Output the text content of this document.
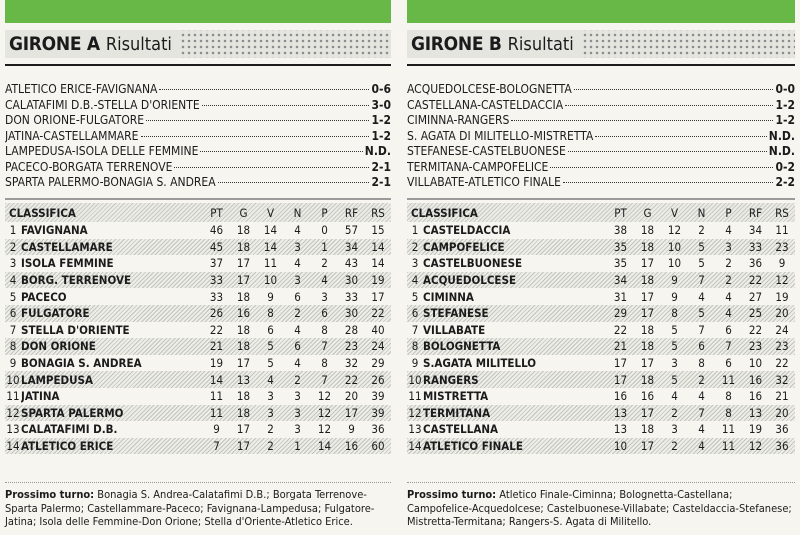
GIRONE A Risultati
ATLETICO ERICE-FAVIGNANA	0-6
CALATAFIMI D.B.-STELLA D'ORIENTE	3-0
DON ORIONE-FULGATORE	1-2
JATINA-CASTELLAMMARE	1-2
LAMPEDUSA-ISOLA DELLE FEMMINE	N.D.
PACECO-BORGATA TERRENOVE	2-1
SPARTA PALERMO-BONAGIA S. ANDREA	2-1
CLASSIFICA	PT	G	V	N	P	RF	RS
1 FAVIGNANA	46	18	14	4	0	57	15
2 CASTELLAMARE	45	18	14	3	1	34	14
3 ISOLA FEMMINE	37	17	11	4	2	43	14
4 BORG. TERRENOVE	33	17	10	3	4	30	19
5 PACECO	33	18	9	6	3	33	17
6 FULGATORE	26	16	8	2	6	30	22
7 STELLA D'ORIENTE	22	18	6	4	8	28	40
8 DON ORIONE	21	18	5	6	7	23	24
9 BONAGIA S. ANDREA	19	17	5	4	8	32	29
10 LAMPEDUSA	14	13	4	2	7	22	26
11 JATINA	11	18	3	3	12	20	39
12 SPARTA PALERMO	11	18	3	3	12	17	39
13 CALATAFIMI D.B.	9	17	2	3	12	9	36
14 ATLETICO ERICE	7	17	2	1	14	16	60
Prossimo turno: Bonagia S. Andrea-Calatafimi D.B.; Borgata Terrenove-Sparta Palermo; Castellammare-Paceco; Favignana-Lampedusa; Fulgatore-Jatina; Isola delle Femmine-Don Orione; Stella d'Oriente-Atletico Erice.
GIRONE B Risultati
ACQUEDOLCESE-BOLOGNETTA	0-0
CASTELLANA-CASTELDACCIA	1-2
CIMINNA-RANGERS	1-2
S. AGATA DI MILITELLO-MISTRETTA	N.D.
STEFANESE-CASTELBUONESE	N.D.
TERMITANA-CAMPOFELICE	0-2
VILLABATE-ATLETICO FINALE	2-2
CLASSIFICA	PT	G	V	N	P	RF	RS
1 CASTELDACCIA	38	18	12	2	4	34	11
2 CAMPOFELICE	35	18	10	5	3	33	23
3 CASTELBUONESE	35	17	10	5	2	36	9
4 ACQUEDOLCESE	34	18	9	7	2	22	12
5 CIMINNA	31	17	9	4	4	27	19
6 STEFANESE	29	17	8	5	4	25	20
7 VILLABATE	22	18	5	7	6	22	24
8 BOLOGNETTA	21	18	5	6	7	23	23
9 S.AGATA MILITELLO	17	17	3	8	6	10	22
10 RANGERS	17	18	5	2	11	16	32
11 MISTRETTA	16	16	4	4	8	16	21
12 TERMITANA	13	17	2	7	8	13	20
13 CASTELLANA	13	18	3	4	11	19	36
14 ATLETICO FINALE	10	17	2	4	11	12	36
Prossimo turno: Atletico Finale-Ciminna; Bolognetta-Castellana; Campofelice-Acquedolcese; Castelbuonese-Villabate; Casteldaccia-Stefanese; Mistretta-Termitana; Rangers-S. Agata di Militello.
